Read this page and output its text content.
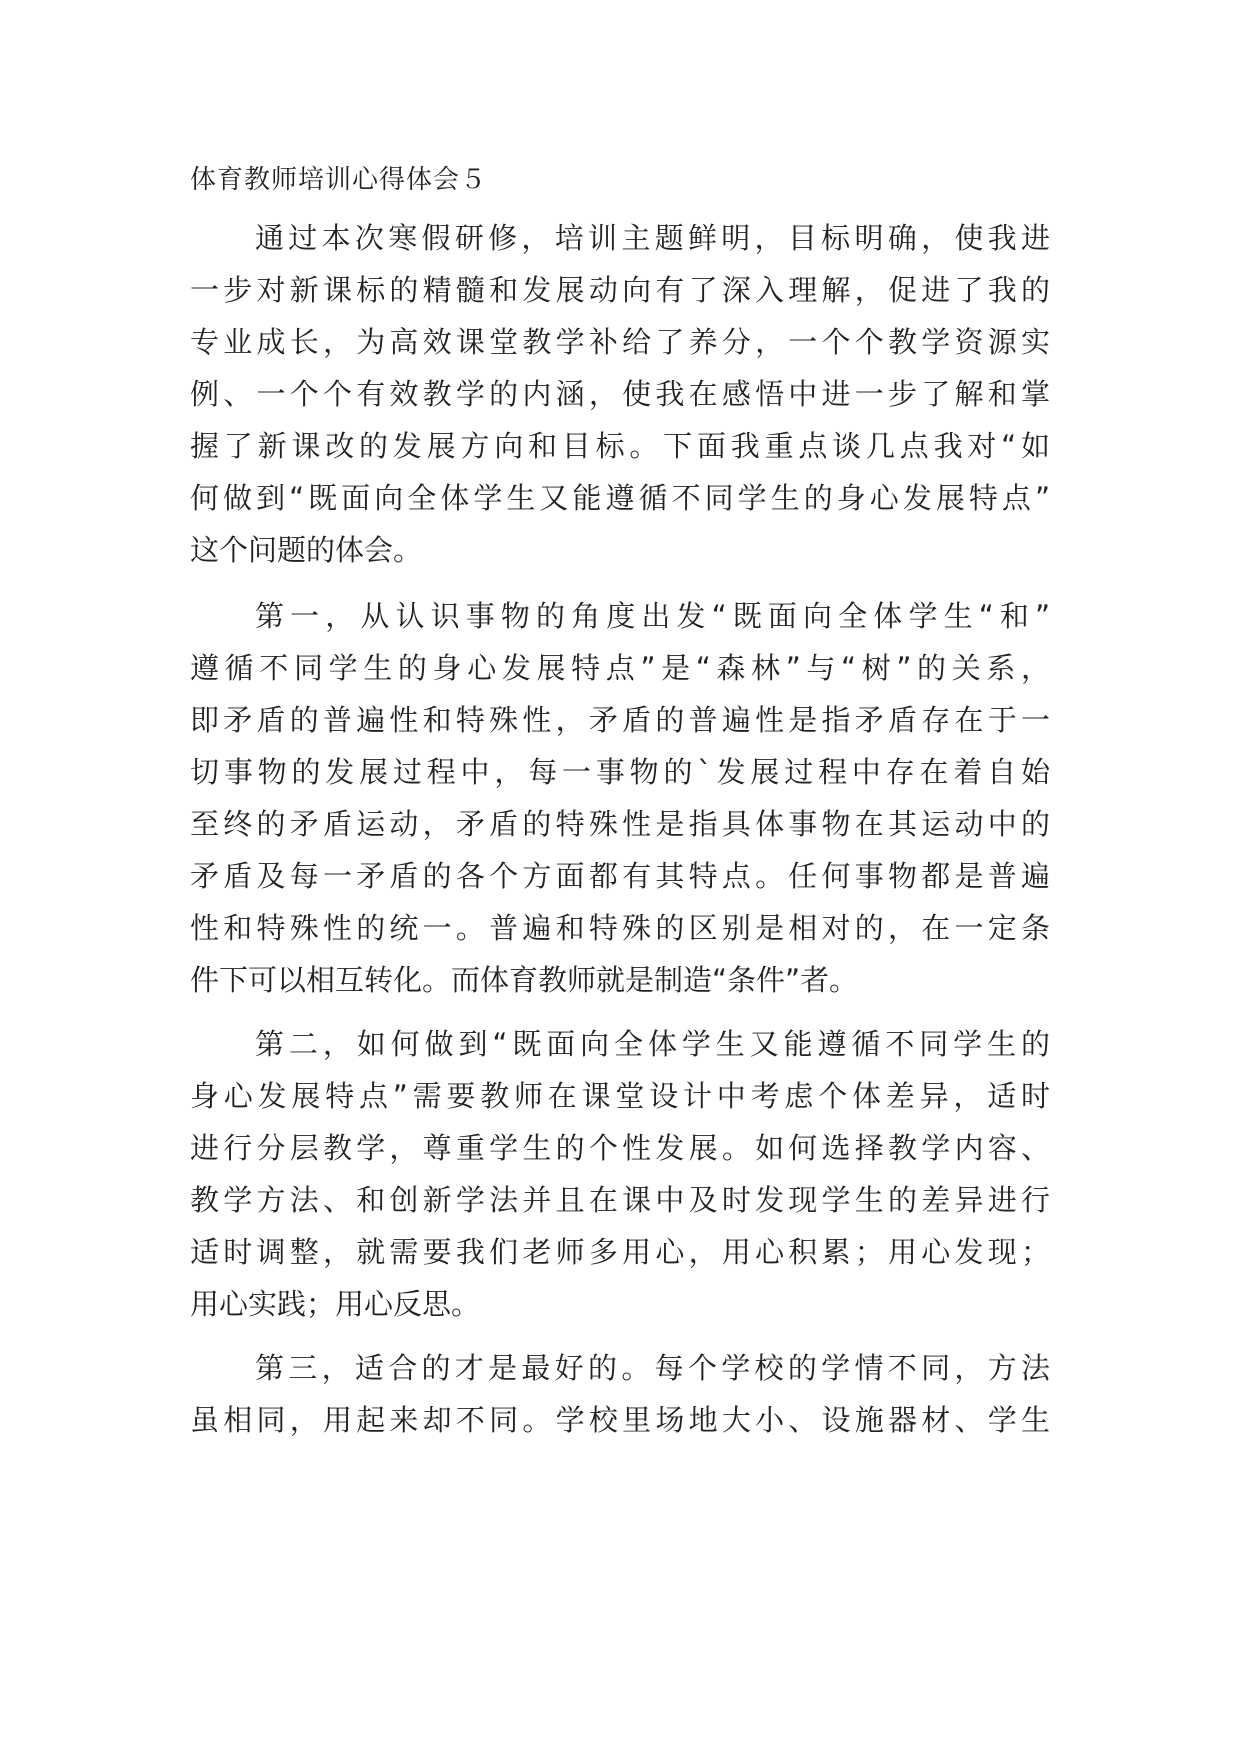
体育教师培训心得体会５
通过本次寒假研修，培训主题鲜明，目标明确，使我进
一步对新课标的精髓和发展动向有了深入理解，促进了我的
专业成长，为高效课堂教学补给了养分，一个个教学资源实
例、一个个有效教学的内涵，使我在感悟中进一步了解和掌
握了新课改的发展方向和目标。下面我重点谈几点我对“如
何做到“既面向全体学生又能遵循不同学生的身心发展特点”
这个问题的体会。
第一，从认识事物的角度出发“既面向全体学生“和”
遵循不同学生的身心发展特点”是“森林”与“树”的关系，
即矛盾的普遍性和特殊性，矛盾的普遍性是指矛盾存在于一
切事物的发展过程中，每一事物的`发展过程中存在着自始
至终的矛盾运动，矛盾的特殊性是指具体事物在其运动中的
矛盾及每一矛盾的各个方面都有其特点。任何事物都是普遍
性和特殊性的统一。普遍和特殊的区别是相对的，在一定条
件下可以相互转化。而体育教师就是制造“条件”者。
第二，如何做到“既面向全体学生又能遵循不同学生的
身心发展特点”需要教师在课堂设计中考虑个体差异，适时
进行分层教学，尊重学生的个性发展。如何选择教学内容、
教学方法、和创新学法并且在课中及时发现学生的差异进行
适时调整，就需要我们老师多用心，用心积累；用心发现；
用心实践；用心反思。
第三，适合的才是最好的。每个学校的学情不同，方法
虽相同，用起来却不同。学校里场地大小、设施器材、学生
